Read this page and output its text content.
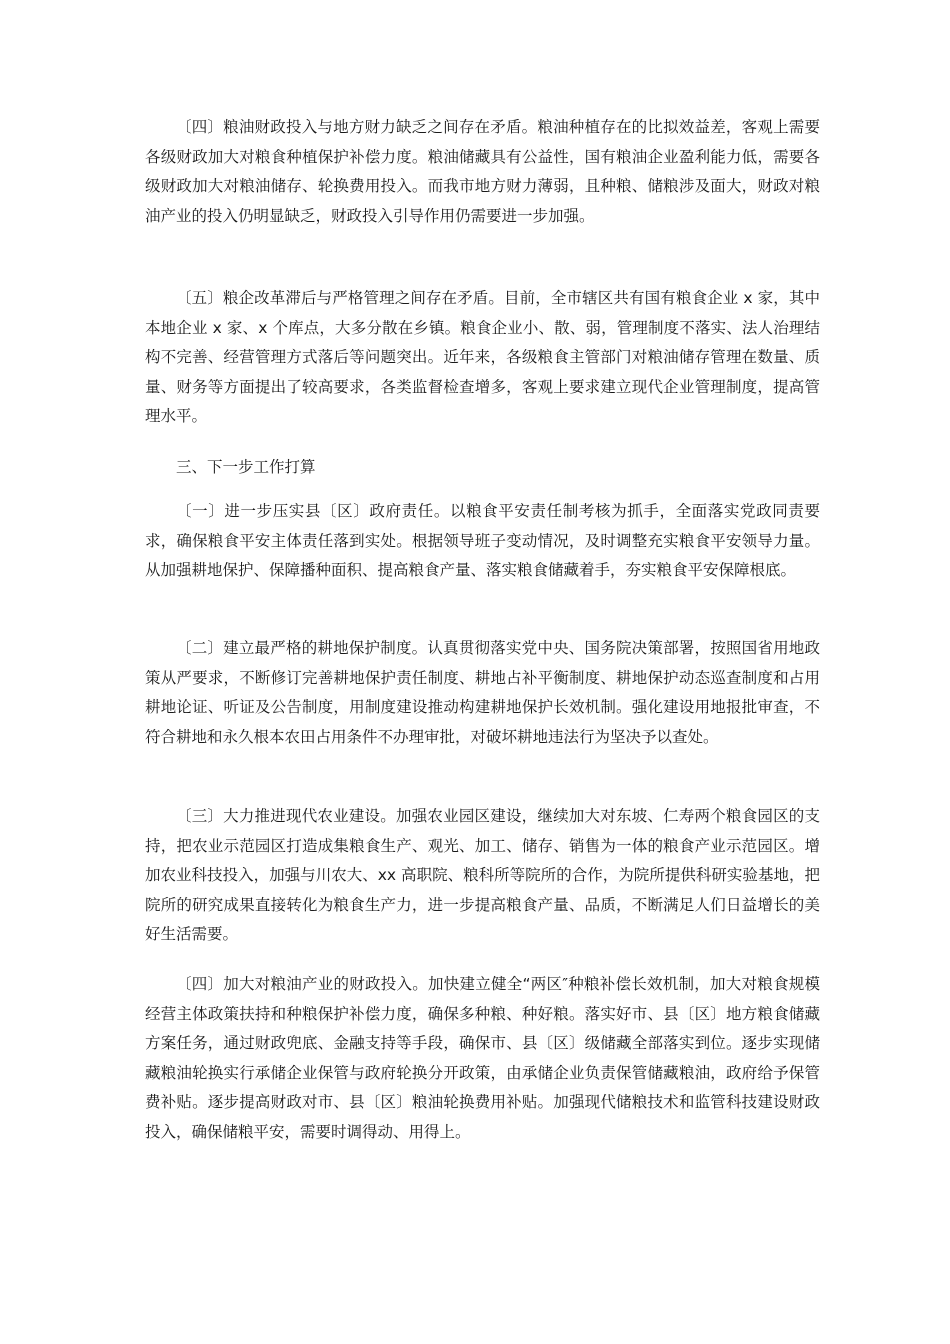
〔四〕粮油财政投入与地方财力缺乏之间存在矛盾。粮油种植存在的比拟效益差，客观上需要各级财政加大对粮食种植保护补偿力度。粮油储藏具有公益性，国有粮油企业盈利能力低，需要各级财政加大对粮油储存、轮换费用投入。而我市地方财力薄弱，且种粮、储粮涉及面大，财政对粮油产业的投入仍明显缺乏，财政投入引导作用仍需要进一步加强。

〔五〕粮企改革滞后与严格管理之间存在矛盾。目前，全市辖区共有国有粮食企业 x 家，其中本地企业 x 家、x 个库点，大多分散在乡镇。粮食企业小、散、弱，管理制度不落实、法人治理结构不完善、经营管理方式落后等问题突出。近年来，各级粮食主管部门对粮油储存管理在数量、质量、财务等方面提出了较高要求，各类监督检查增多，客观上要求建立现代企业管理制度，提高管理水平。

三、下一步工作打算

〔一〕进一步压实县〔区〕政府责任。以粮食平安责任制考核为抓手，全面落实党政同责要求，确保粮食平安主体责任落到实处。根据领导班子变动情况，及时调整充实粮食平安领导力量。从加强耕地保护、保障播种面积、提高粮食产量、落实粮食储藏着手，夯实粮食平安保障根底。

〔二〕建立最严格的耕地保护制度。认真贯彻落实党中央、国务院决策部署，按照国省用地政策从严要求，不断修订完善耕地保护责任制度、耕地占补平衡制度、耕地保护动态巡查制度和占用耕地论证、听证及公告制度，用制度建设推动构建耕地保护长效机制。强化建设用地报批审查，不符合耕地和永久根本农田占用条件不办理审批，对破坏耕地违法行为坚决予以查处。

〔三〕大力推进现代农业建设。加强农业园区建设，继续加大对东坡、仁寿两个粮食园区的支持，把农业示范园区打造成集粮食生产、观光、加工、储存、销售为一体的粮食产业示范园区。增加农业科技投入，加强与川农大、xx 高职院、粮科所等院所的合作，为院所提供科研实验基地，把院所的研究成果直接转化为粮食生产力，进一步提高粮食产量、品质，不断满足人们日益增长的美好生活需要。

〔四〕加大对粮油产业的财政投入。加快建立健全“两区″种粮补偿长效机制，加大对粮食规模经营主体政策扶持和种粮保护补偿力度，确保多种粮、种好粮。落实好市、县〔区〕地方粮食储藏方案任务，通过财政兜底、金融支持等手段，确保市、县〔区〕级储藏全部落实到位。逐步实现储藏粮油轮换实行承储企业保管与政府轮换分开政策，由承储企业负责保管储藏粮油，政府给予保管费补贴。逐步提高财政对市、县〔区〕粮油轮换费用补贴。加强现代储粮技术和监管科技建设财政投入，确保储粮平安，需要时调得动、用得上。
